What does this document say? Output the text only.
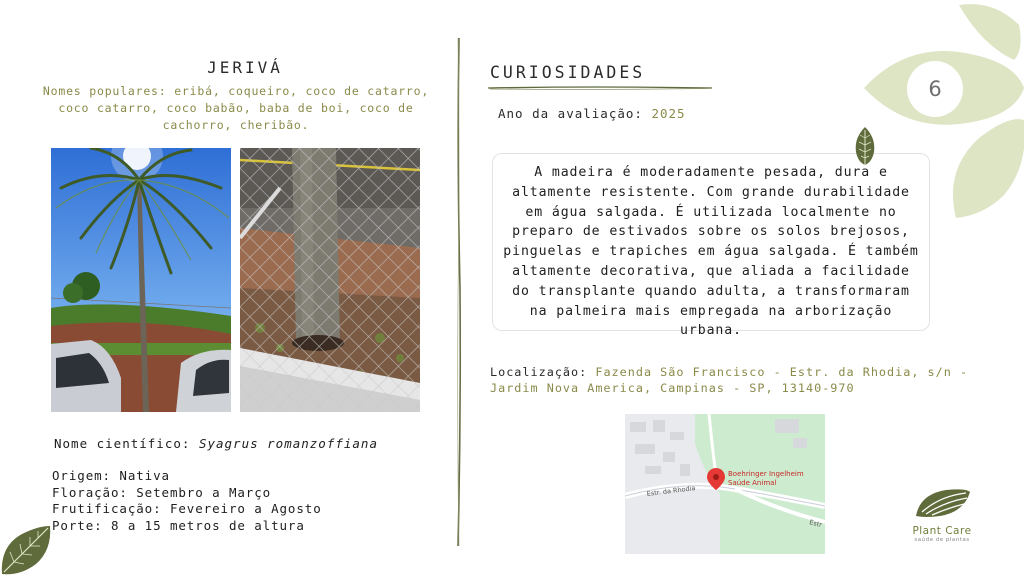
JERIVÁ
Nomes populares: eribá, coqueiro, coco de catarro, coco catarro, coco babão, baba de boi, coco de cachorro, cheribão.
Nome científico: Syagrus romanzoffiana
Origem: Nativa
Floração: Setembro a Março
Frutificação: Fevereiro a Agosto
Porte: 8 a 15 metros de altura
CURIOSIDADES
Ano da avaliação: 2025
A madeira é moderadamente pesada, dura e altamente resistente. Com grande durabilidade em água salgada. É utilizada localmente no preparo de estivados sobre os solos brejosos, pinguelas e trapiches em água salgada. É também altamente decorativa, que aliada a facilidade do transplante quando adulta, a transformaram na palmeira mais empregada na arborização urbana.
Localização: Fazenda São Francisco - Estr. da Rhodia, s/n - Jardim Nova America, Campinas - SP, 13140-970
Estr. da Rhodia
Estr
Boehringer Ingelheim
Saúde Animal
6
Plant Care
saúde de plantas
